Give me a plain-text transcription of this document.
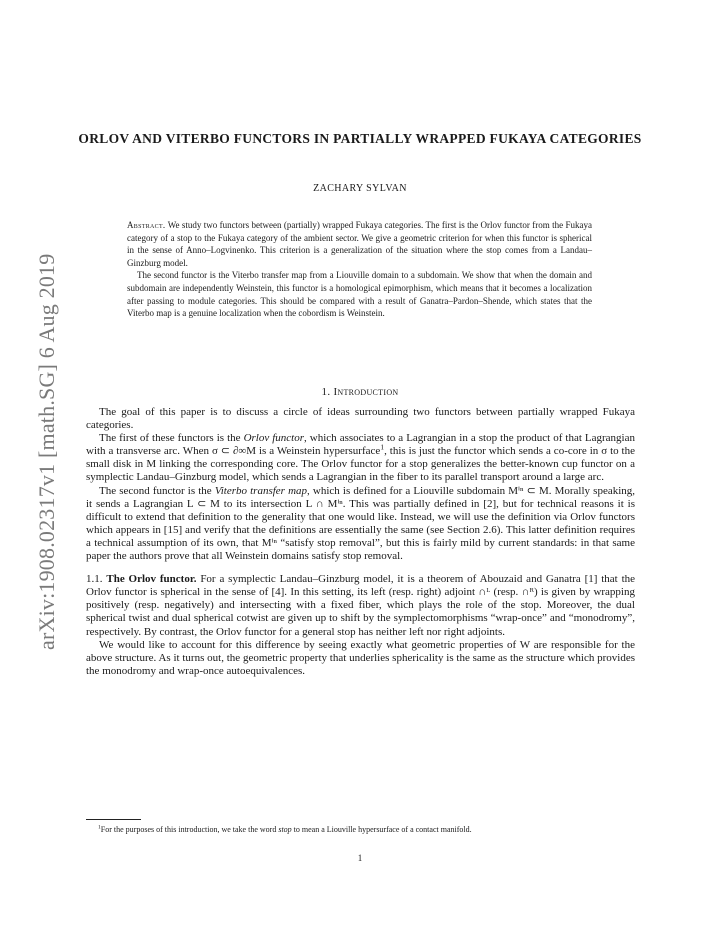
arXiv:1908.02317v1 [math.SG] 6 Aug 2019
ORLOV AND VITERBO FUNCTORS IN PARTIALLY WRAPPED FUKAYA CATEGORIES
ZACHARY SYLVAN

Abstract. We study two functors between (partially) wrapped Fukaya categories. The first is the Orlov functor from the Fukaya category of a stop to the Fukaya category of the ambient sector. We give a geometric criterion for when this functor is spherical in the sense of Anno–Logvinenko. This criterion is a generalization of the situation where the stop comes from a Landau–Ginzburg model.

The second functor is the Viterbo transfer map from a Liouville domain to a subdomain. We show that when the domain and subdomain are independently Weinstein, this functor is a homological epimorphism, which means that it becomes a localization after passing to module categories. This should be compared with a result of Ganatra–Pardon–Shende, which states that the Viterbo map is a genuine localization when the cobordism is Weinstein.

1. Introduction

The goal of this paper is to discuss a circle of ideas surrounding two functors between partially wrapped Fukaya categories.

The first of these functors is the Orlov functor, which associates to a Lagrangian in a stop the product of that Lagrangian with a transverse arc. When σ ⊂ ∂∞M is a Weinstein hypersurface$^1$, this is just the functor which sends a co-core in σ to the small disk in M linking the corresponding core. The Orlov functor for a stop generalizes the better-known cup functor on a symplectic Landau–Ginzburg model, which sends a Lagrangian in the fiber to its parallel transport around a large arc.

The second functor is the Viterbo transfer map, which is defined for a Liouville subdomain Mⁱⁿ ⊂ M. Morally speaking, it sends a Lagrangian L ⊂ M to its intersection L ∩ Mⁱⁿ. This was partially defined in [2], but for technical reasons it is difficult to extend that definition to the generality that one would like. Instead, we will use the definition via Orlov functors which appears in [15] and verify that the definitions are essentially the same (see Section 2.6). This latter definition requires a technical assumption of its own, that Mⁱⁿ “satisfy stop removal”, but this is fairly mild by current standards: in that same paper the authors prove that all Weinstein domains satisfy stop removal.

1.1. The Orlov functor. For a symplectic Landau–Ginzburg model, it is a theorem of Abouzaid and Ganatra [1] that the Orlov functor is spherical in the sense of [4]. In this setting, its left (resp. right) adjoint ∩ᴸ (resp. ∩ᴿ) is given by wrapping positively (resp. negatively) and intersecting with a fixed fiber, which plays the role of the stop. Moreover, the dual spherical twist and dual spherical cotwist are given up to shift by the symplectomorphisms “wrap-once” and “monodromy”, respectively. By contrast, the Orlov functor for a general stop has neither left nor right adjoints.

We would like to account for this difference by seeing exactly what geometric properties of W are responsible for the above structure. As it turns out, the geometric property that underlies sphericality is the same as the structure which provides the monodromy and wrap-once autoequivalences.

$^1$For the purposes of this introduction, we take the word stop to mean a Liouville hypersurface of a contact manifold.
1
